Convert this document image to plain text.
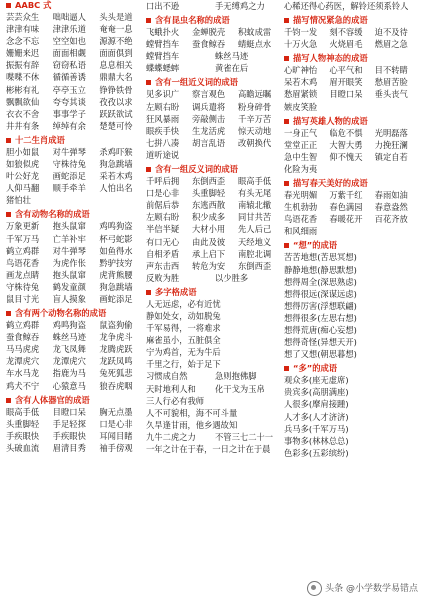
AABC 式
芸芸众生	咄咄逼人	头头是道
津津有味	津津乐道	奄奄一息
念念不忘	空空如也	源源不绝
姗姗来迟	面面相觑	面面俱到
振振有辞	窃窃私语	息息相关
喋喋不休	循循善诱	鼎鼎大名
彬彬有礼	亭亭玉立	铮铮铁骨
飘飘欲仙	夸夸其谈	孜孜以求
衣衣不舍	事事学子	跃跃欲试
井井有条	绰绰有余	楚楚可怜
十二生肖成语
胆小如鼠	对牛弹琴	杀鸡吓猴
如狼似虎	守株待兔	狗急跳墙
叶公好龙	画蛇添足	采若木鸡
人仰马翻	顺手牵羊	人怕出名
猪怕壮
含有动物名称的成语
万象更新	抱头鼠窜	鸡鸣狗盗
千军万马	亡羊补牢	杯弓蛇影
鹤立鸡群	对牛弹琴	如鱼得水
鸟语花香	为虎作伥	黔驴技穷
画龙点睛	抱头鼠窜	虎背熊腰
守株待兔	鹤发童颜	狗急跳墙
鼠目寸光	盲人摸象	画蛇添足
含有两个动物名称的成语
鹤立鸡群	鸡鸣狗盗	鼠盗狗偷
蚕食鲸吞	蛛丝马迹	龙争虎斗
马马虎虎	龙飞凤舞	龙腾虎跃
龙潭虎穴	龙潭虎穴	龙跃凤鸣
车水马龙	指鹿为马	兔死狐悲
鸡犬不宁	心猿意马	狼吞虎咽
含有人体器官的成语
眼高手低	目瞪口呆	胸无点墨
头重脚轻	手足轻探	口是心非
手疾眼快	手疾眼快	耳闻目睹
头破血流	眉清目秀	袖手傍观
口出不逊	手无缚鸡之力
含有昆虫名称的成语
飞蛾扑火	金蝉脱壳	积蚊成雷
螳臂挡车	蚕食鲸吞	蜻蜓点水
螳臂挡车	蛛丝马迹
蝶蝶蟋蟀	黄雀在后
含有一组近义词的成语
见多识广	察言观色	高瞻远瞩
左顾右盼	调兵遣将	粉身碎骨
狂风暴雨	旁敲侧击	千辛万苦
眼疾手快	生龙活虎	惊天动地
七拼八凑	胡言乱语	改朝换代
道听途说
含有一组反义词的成语
千呼后拥	东倒西歪	眼高手低
口是心非	头重脚轻	有头无尾
前倨后恭	东逃西散	南辕北辙
左顾右盼	积少成多	同甘共苦
半信半疑	大材小用	先人后己
有口无心	由此及彼	天经地义
自相矛盾	承上启下	南腔北调
声东击西	转危为安	东倒西歪
反败为胜	以少胜多
多字格成语
人无远虑，必有近忧
静如处女，动如脱兔
千军易得，一将难求
麻雀虽小，五脏俱全
宁为鸡首，无为牛后
千里之行，始于足下
习惯成自然	急则抱佛脚
天时地利人和	化干戈为玉帛
三人行必有我师
人不可貌相，海不可斗量
久旱逢甘雨，他乡遇故知
九牛二虎之力	不管三七二十一
一年之计在于春，一日之计在于晨
心稀还得心药医，解铃还须系铃人
描写情况紧急的成语
千钧一发	刻不容缓	迫不及待
十万火急	火烧眉毛	燃眉之急
描写人物神态的成语
心旷神怡	心平气和	目不转睛
呆若木鸡	眉开眼笑	愁眉苦脸
愁眉紧锁	目瞪口呆	垂头丧气
嫉皮笑脸
描写英雄人物的成语
一身正气	临危不惧	光明磊落
堂堂正正	大智大勇	力挽狂澜
急中生智	仰不愧天	镇定自若
化险为夷
描写春天美好的成语
春光明媚	万紫千红	春雨如油
生机勃勃	春色满园	春意盎然
鸟语花香	春暖花开	百花齐放
和风细雨
“想”的成语
苦苦地想(苦思冥想)
静静地想(静思默想)
想得周全(深思熟虑)
想得很远(深谋远虑)
想得厉害(浮想联翩)
想得很多(左思右想)
想得荒唐(痴心妄想)
想得奇怪(异想天开)
想了又想(朝思暮想)
“多”的成语
观众多(座无虚席)
贵宾多(高朋满座)
人很多(摩肩接踵)
人才多(人才济济)
兵马多(千军万马)
事物多(林林总总)
色彩多(五彩缤纷)
头条 @小学数学易错点
